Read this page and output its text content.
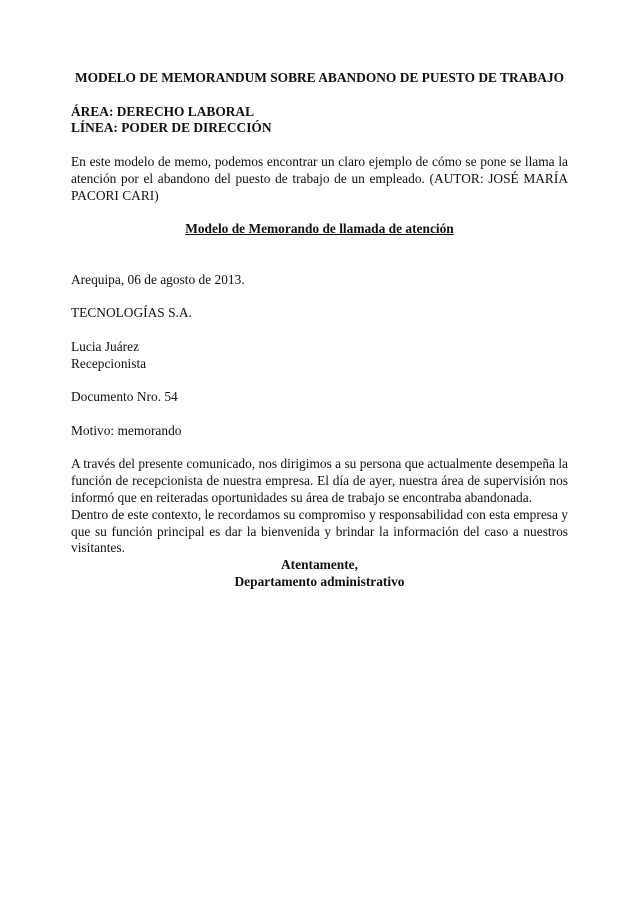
MODELO DE MEMORANDUM SOBRE ABANDONO DE PUESTO DE TRABAJO

ÁREA: DERECHO LABORAL

LÍNEA: PODER DE DIRECCIÓN

En este modelo de memo, podemos encontrar un claro ejemplo de cómo se pone se llama la atención por el abandono del puesto de trabajo de un empleado. (AUTOR: JOSÉ MARÍA PACORI CARI)

Modelo de Memorando de llamada de atención

Arequipa, 06 de agosto de 2013.

TECNOLOGÍAS S.A.

Lucia Juárez

Recepcionista

Documento Nro. 54

Motivo: memorando

A través del presente comunicado, nos dirigimos a su persona que actualmente desempeña la función de recepcionista de nuestra empresa. El día de ayer, nuestra área de supervisión nos informó que en reiteradas oportunidades su área de trabajo se encontraba abandonada.

Dentro de este contexto, le recordamos su compromiso y responsabilidad con esta empresa y que su función principal es dar la bienvenida y brindar la información del caso a nuestros visitantes.

Atentamente,

Departamento administrativo
